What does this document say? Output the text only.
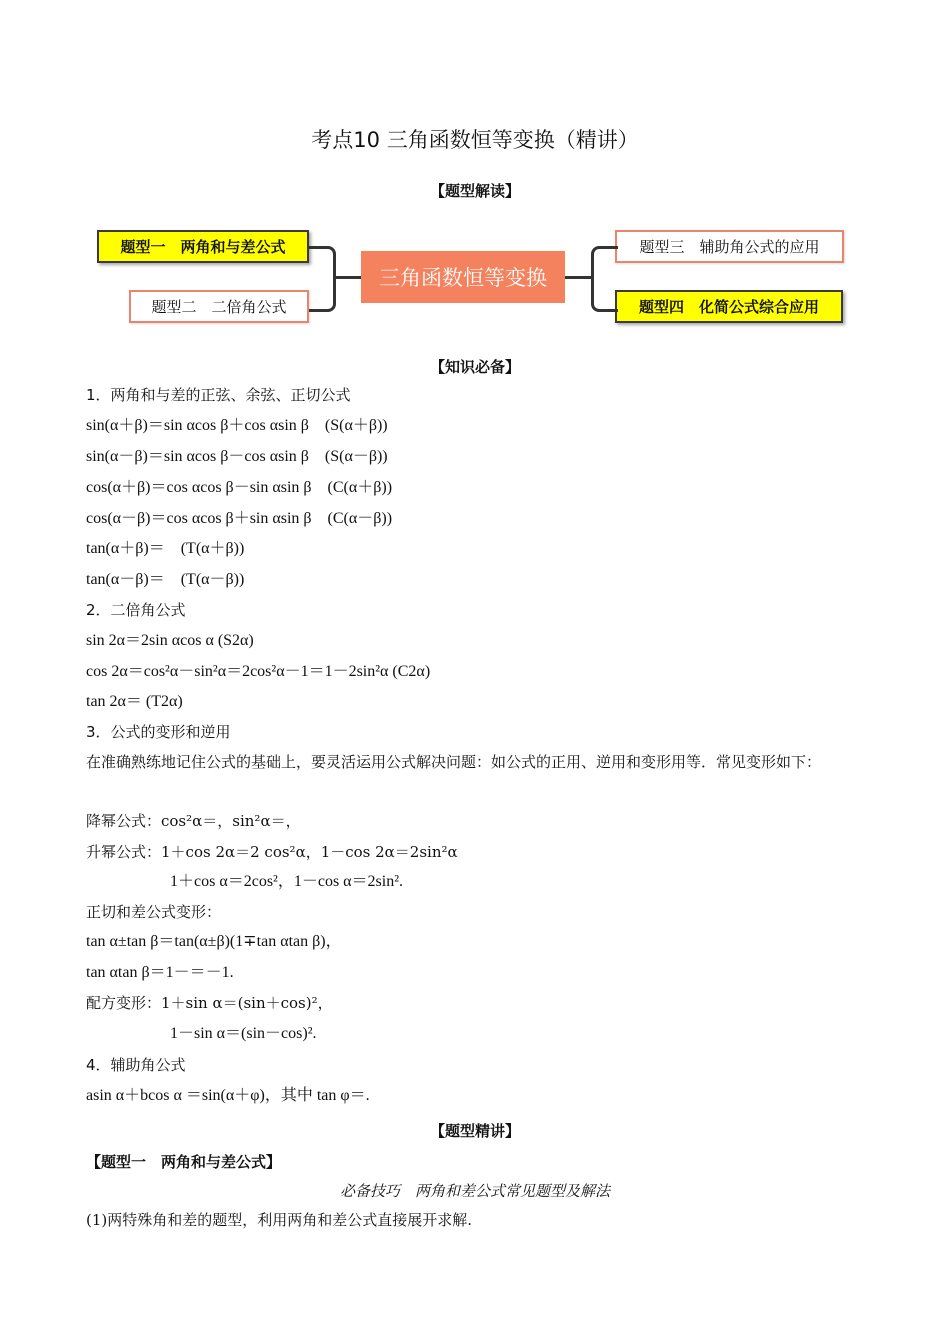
考点10 三角函数恒等变换（精讲）
【题型解读】
题型一　两角和与差公式
题型二　二倍角公式
三角函数恒等变换
题型三　辅助角公式的应用
题型四　化简公式综合应用
【知识必备】
1．两角和与差的正弦、余弦、正切公式
sin(α＋β)＝sin αcos β＋cos αsin β　(S(α＋β))
sin(α－β)＝sin αcos β－cos αsin β　(S(α－β))
cos(α＋β)＝cos αcos β－sin αsin β　(C(α＋β))
cos(α－β)＝cos αcos β＋sin αsin β　(C(α－β))
tan(α＋β)＝　(T(α＋β))
tan(α－β)＝　(T(α－β))
2．二倍角公式
sin 2α＝2sin αcos α (S2α)
cos 2α＝cos²α－sin²α＝2cos²α－1＝1－2sin²α (C2α)
tan 2α＝ (T2α)
3．公式的变形和逆用
在准确熟练地记住公式的基础上，要灵活运用公式解决问题：如公式的正用、逆用和变形用等．常见变形如下：
降幂公式：cos²α＝，sin²α＝，
升幂公式：1＋cos 2α＝2 cos²α，1－cos 2α＝2sin²α
1＋cos α＝2cos²，1－cos α＝2sin².
正切和差公式变形：
tan α±tan β＝tan(α±β)(1∓tan αtan β)，
tan αtan β＝1－＝－1.
配方变形：1＋sin α＝(sin＋cos)²，
1－sin α＝(sin－cos)².
4．辅助角公式
asin α＋bcos α ＝sin(α＋φ)，其中 tan φ＝.
【题型精讲】
【题型一　两角和与差公式】
必备技巧　两角和差公式常见题型及解法
(1)两特殊角和差的题型，利用两角和差公式直接展开求解.
